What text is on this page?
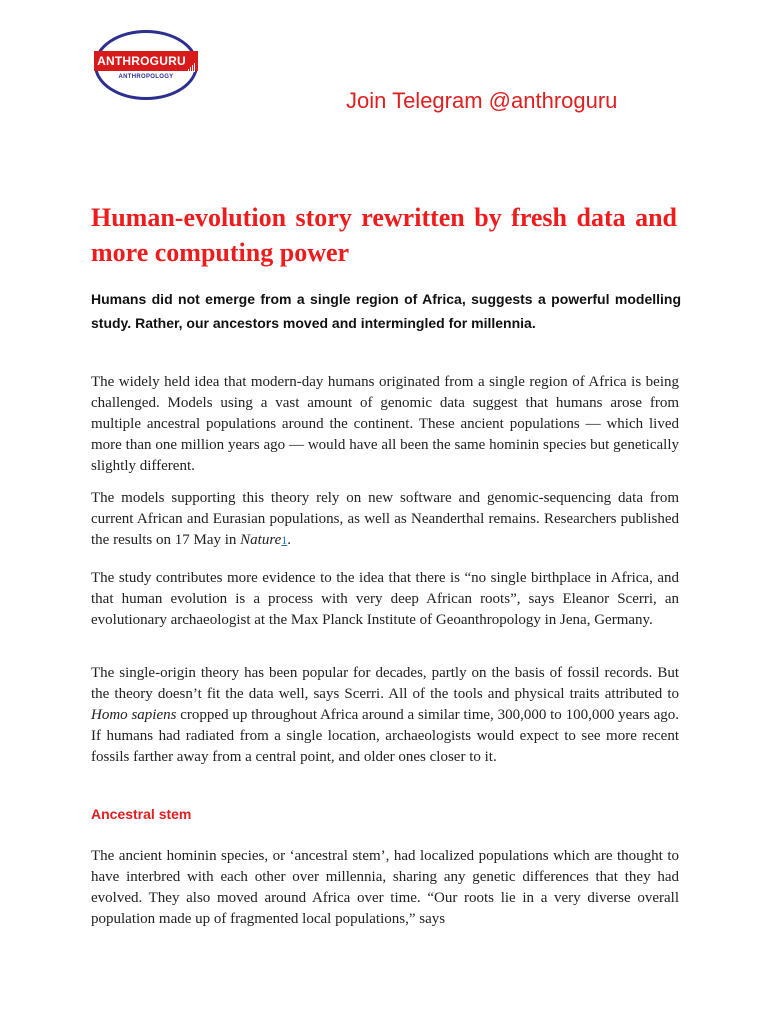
ANTHROGURU
ANTHROPOLOGY
Join Telegram @anthroguru
Human-evolution story rewritten by fresh data and more computing power

Humans did not emerge from a single region of Africa, suggests a powerful modelling study. Rather, our ancestors moved and intermingled for millennia.

The widely held idea that modern-day humans originated from a single region of Africa is being challenged. Models using a vast amount of genomic data suggest that humans arose from multiple ancestral populations around the continent. These ancient populations — which lived more than one million years ago — would have all been the same hominin species but genetically slightly different.

The models supporting this theory rely on new software and genomic-sequencing data from current African and Eurasian populations, as well as Neanderthal remains. Researchers published the results on 17 May in Nature1.

The study contributes more evidence to the idea that there is “no single birthplace in Africa, and that human evolution is a process with very deep African roots”, says Eleanor Scerri, an evolutionary archaeologist at the Max Planck Institute of Geoanthropology in Jena, Germany.

The single-origin theory has been popular for decades, partly on the basis of fossil records. But the theory doesn’t fit the data well, says Scerri. All of the tools and physical traits attributed to Homo sapiens cropped up throughout Africa around a similar time, 300,000 to 100,000 years ago. If humans had radiated from a single location, archaeologists would expect to see more recent fossils farther away from a central point, and older ones closer to it.

Ancestral stem

The ancient hominin species, or ‘ancestral stem’, had localized populations which are thought to have interbred with each other over millennia, sharing any genetic differences that they had evolved. They also moved around Africa over time. “Our roots lie in a very diverse overall population made up of fragmented local populations,” says
